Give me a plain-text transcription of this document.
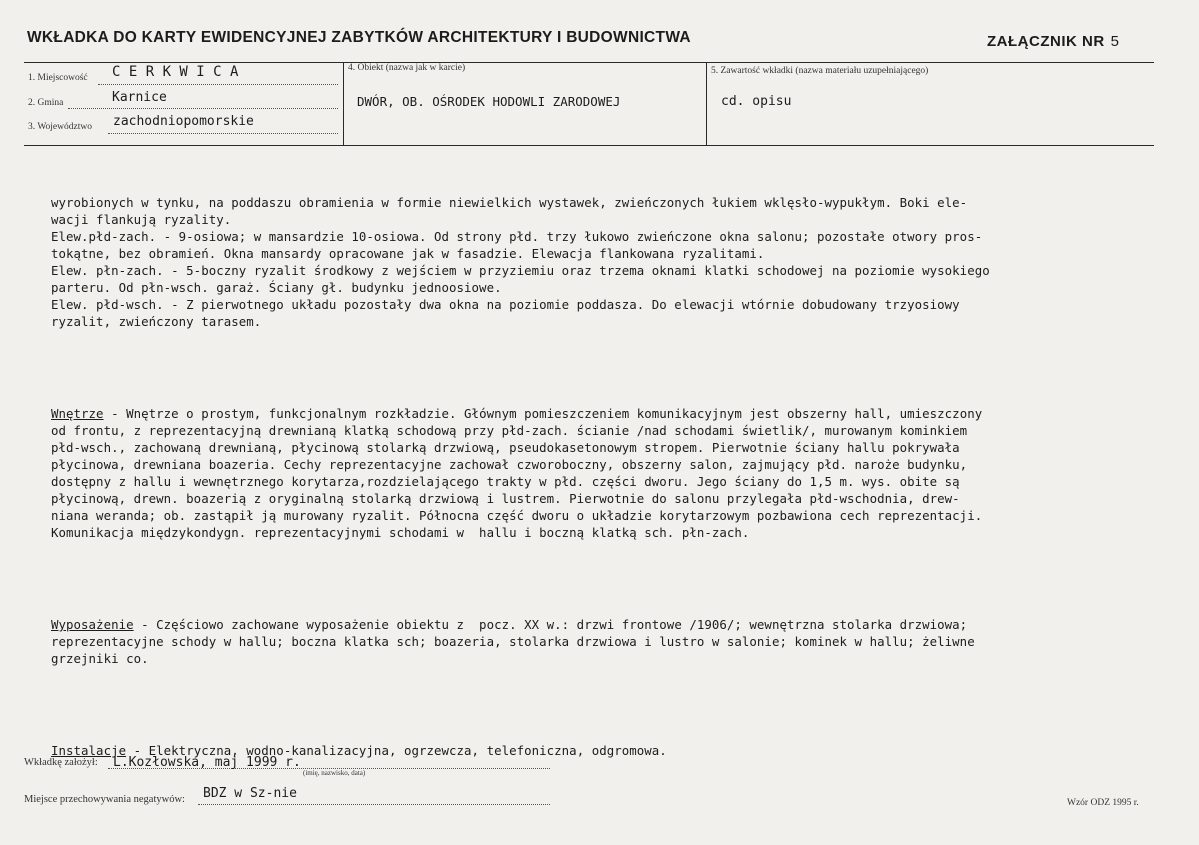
WKŁADKA DO KARTY EWIDENCYJNEJ ZABYTKÓW ARCHITEKTURY I BUDOWNICTWA	ZAŁĄCZNIK NR 5
1. Miejscowość C E R K W I C A
2. Gmina	Karnice
3. Województwo zachodniopomorskie
4. Obiekt (nazwa jak w karcie)
DWÓR, OB. OŚRODEK HODOWLI ZARODOWEJ
5. Zawartość wkładki (nazwa materiału uzupełniającego)
cd. opisu

wyrobionych w tynku, na poddaszu obramienia w formie niewielkich wystawek, zwieńczonych łukiem wklęsło-wypukłym. Boki ele-
wacji flankują ryzality.
Elew.płd-zach. - 9-osiowa; w mansardzie 10-osiowa. Od strony płd. trzy łukowo zwieńczone okna salonu; pozostałe otwory pros-
tokątne, bez obramień. Okna mansardy opracowane jak w fasadzie. Elewacja flankowana ryzalitami.
Elew. płn-zach. - 5-boczny ryzalit środkowy z wejściem w przyziemiu oraz trzema oknami klatki schodowej na poziomie wysokiego
parteru. Od płn-wsch. garaż. Ściany gł. budynku jednoosiowe.
Elew. płd-wsch. - Z pierwotnego układu pozostały dwa okna na poziomie poddasza. Do elewacji wtórnie dobudowany trzyosiowy
ryzalit, zwieńczony tarasem.

Wnętrze - Wnętrze o prostym, funkcjonalnym rozkładzie. Głównym pomieszczeniem komunikacyjnym jest obszerny hall, umieszczony
od frontu, z reprezentacyjną drewnianą klatką schodową przy płd-zach. ścianie /nad schodami świetlik/, murowanym kominkiem
płd-wsch., zachowaną drewnianą, płycinową stolarką drzwiową, pseudokasetonowym stropem. Pierwotnie ściany hallu pokrywała
płycinowa, drewniana boazeria. Cechy reprezentacyjne zachował czworoboczny, obszerny salon, zajmujący płd. naroże budynku,
dostępny z hallu i wewnętrznego korytarza,rozdzielającego trakty w płd. części dworu. Jego ściany do 1,5 m. wys. obite są
płycinową, drewn. boazerią z oryginalną stolarką drzwiową i lustrem. Pierwotnie do salonu przylegała płd-wschodnia, drew-
niana weranda; ob. zastąpił ją murowany ryzalit. Północna część dworu o układzie korytarzowym pozbawiona cech reprezentacji.
Komunikacja międzykondygn. reprezentacyjnymi schodami w  hallu i boczną klatką sch. płn-zach.

Wyposażenie - Częściowo zachowane wyposażenie obiektu z  pocz. XX w.: drzwi frontowe /1906/; wewnętrzna stolarka drzwiowa;
reprezentacyjne schody w hallu; boczna klatka sch; boazeria, stolarka drzwiowa i lustro w salonie; kominek w hallu; żeliwne
grzejniki co.

Instalacje - Elektryczna, wodno-kanalizacyjna, ogrzewcza, telefoniczna, odgromowa.

Wkładkę założył: L.Kozłowska, maj 1999 r.
(imię, nazwisko, data)
Miejsce przechowywania negatywów: BDZ w Sz-nie
Wzór ODZ 1995 r.
